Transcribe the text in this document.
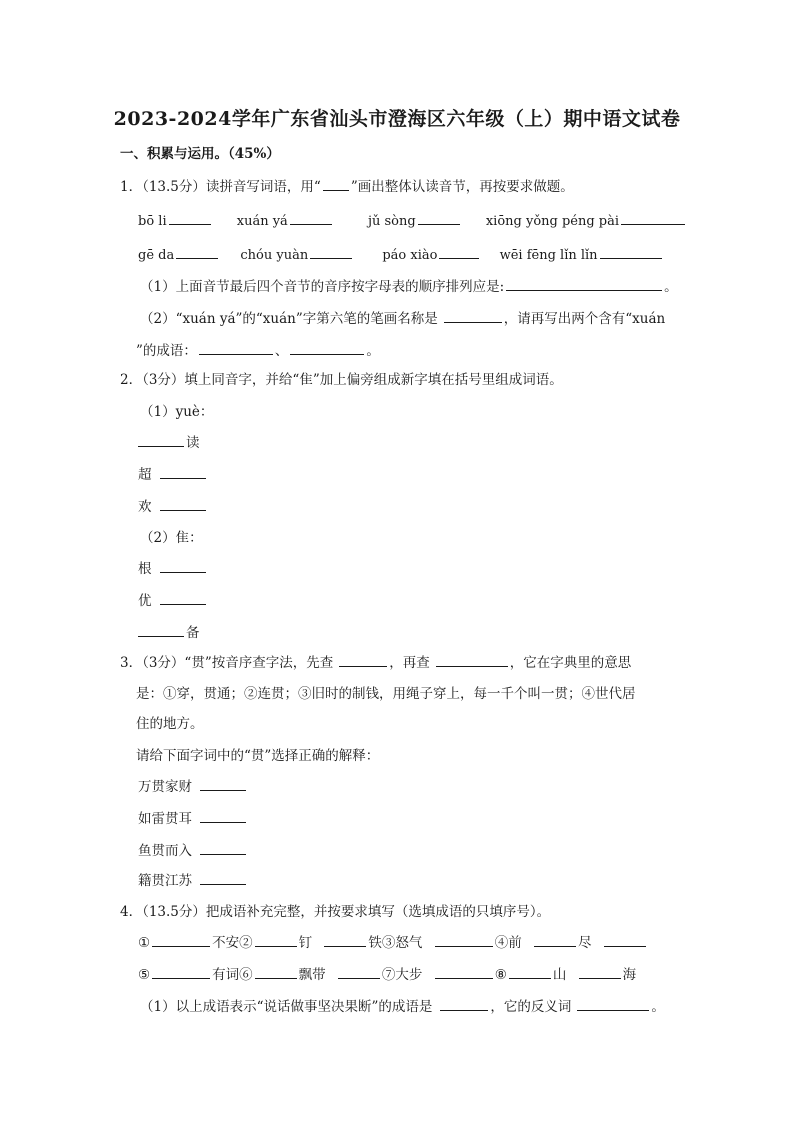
2023-2024学年广东省汕头市澄海区六年级（上）期中语文试卷
一、积累与运用。（45%）
1．（13.5分）读拼音写词语，用“ ”画出整体认读音节，再按要求做题。
bō li	xuán yá	jǔ sòng	xiōng yǒng péng pài
gē da	chóu yuàn	páo xiào	wēi fēng lǐn lǐn
（1）上面音节最后四个音节的音序按字母表的顺序排列应是:	。
（2）“xuán yá”的“xuán”字第六笔的笔画名称是	，请再写出两个含有“xuán
”的成语：	、	。
2．（3分）填上同音字，并给“隹”加上偏旁组成新字填在括号里组成词语。
（1）yuè：
读
超
欢
（2）隹：
根
优
备
3．（3分）“贯”按音序查字法，先查	，再查	，它在字典里的意思
是：①穿，贯通；②连贯；③旧时的制钱，用绳子穿上，每一千个叫一贯；④世代居
住的地方。
请给下面字词中的“贯”选择正确的解释：
万贯家财
如雷贯耳
鱼贯而入
籍贯江苏
4．（13.5分）把成语补充完整，并按要求填写（选填成语的只填序号）。
①	不安②	钉	铁③怒气	④前	尽
⑤	有词⑥	飘带	⑦大步	⑧	山	海
（1）以上成语表示“说话做事坚决果断”的成语是	，它的反义词	。
